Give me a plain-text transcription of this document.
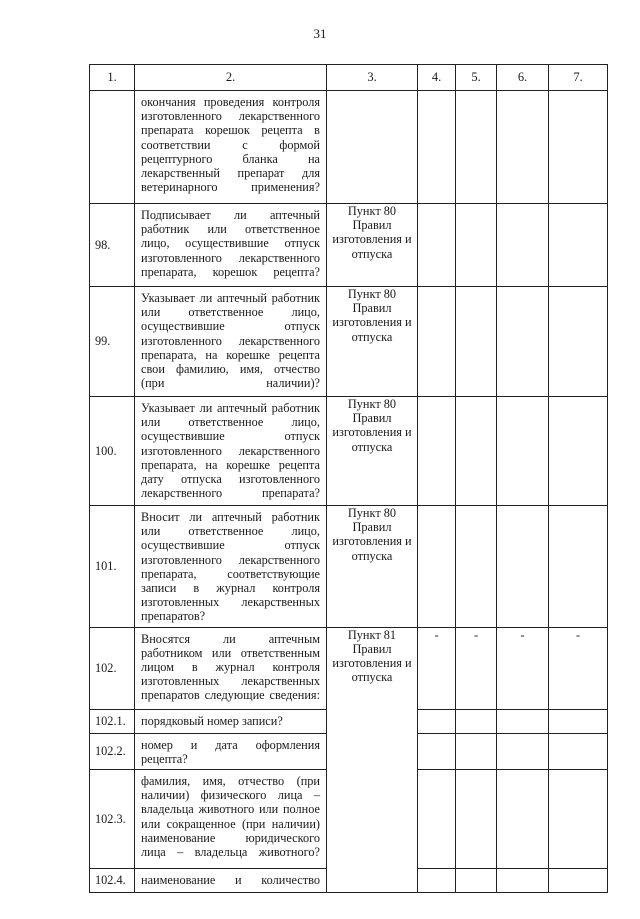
31
1.	2.	3.	4.	5.	6.	7.
	окончания проведения контроля изготовленного лекарственного препарата корешок рецепта в соответствии с формой рецептурного бланка на лекарственный препарат для ветеринарного применения?					
98.	Подписывает ли аптечный работник или ответственное лицо, осуществившие отпуск изготовленного лекарственного препарата, корешок рецепта?	Пункт 80 Правил изготовления и отпуска				
99.	Указывает ли аптечный работник или ответственное лицо, осуществившие отпуск изготовленного лекарственного препарата, на корешке рецепта свои фамилию, имя, отчество (при наличии)?	Пункт 80 Правил изготовления и отпуска				
100.	Указывает ли аптечный работник или ответственное лицо, осуществившие отпуск изготовленного лекарственного препарата, на корешке рецепта дату отпуска изготовленного лекарственного препарата?	Пункт 80 Правил изготовления и отпуска				
101.	Вносит ли аптечный работник или ответственное лицо, осуществившие отпуск изготовленного лекарственного препарата, соответствующие записи в журнал контроля изготовленных лекарственных препаратов?	Пункт 80 Правил изготовления и отпуска				
102.	Вносятся ли аптечным работником или ответственным лицом в журнал контроля изготовленных лекарственных препаратов следующие сведения:	Пункт 81 Правил изготовления и отпуска	-	-	-	-
102.1.	порядковый номер записи?					
102.2.	номер и дата оформления рецепта?					
102.3.	фамилия, имя, отчество (при наличии) физического лица – владельца животного или полное или сокращенное (при наличии) наименование юридического лица – владельца животного?					
102.4.	наименование и количество					
